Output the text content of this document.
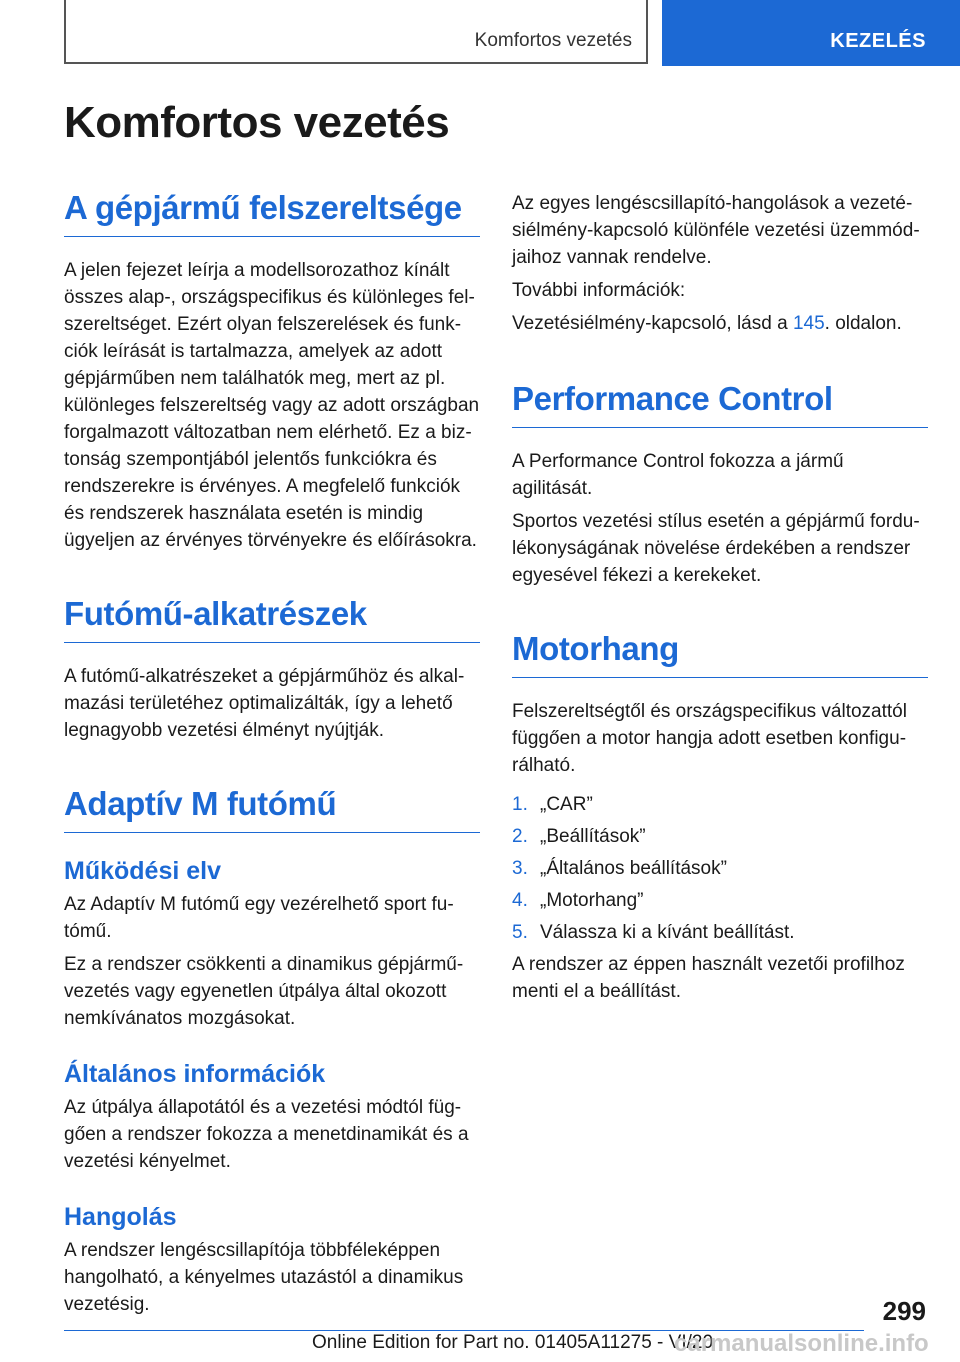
Komfortos vezetés	KEZELÉS
Komfortos vezetés
A gépjármű felszereltsége

A jelen fejezet leírja a modellsorozathoz kínált összes alap-, országspecifikus és különleges felszereltséget. Ezért olyan felszerelések és funkciók leírását is tartalmazza, amelyek az adott gépjárműben nem találhatók meg, mert az pl. különleges felszereltség vagy az adott országban forgalmazott változatban nem elérhető. Ez a biztonság szempontjából jelentős funkciókra és rendszerekre is érvényes. A megfelelő funkciók és rendszerek használata esetén is mindig ügyeljen az érvényes törvényekre és előírásokra.

Futómű-alkatrészek

A futómű-alkatrészeket a gépjárműhöz és alkalmazási területéhez optimalizálták, így a lehető legnagyobb vezetési élményt nyújtják.

Adaptív M futómű
Működési elv

Az Adaptív M futómű egy vezérelhető sport futómű.

Ez a rendszer csökkenti a dinamikus gépjárművezetés vagy egyenetlen útpálya által okozott nemkívánatos mozgásokat.

Általános információk

Az útpálya állapotától és a vezetési módtól függően a rendszer fokozza a menetdinamikát és a vezetési kényelmet.

Hangolás

A rendszer lengéscsillapítója többféleképpen hangolható, a kényelmes utazástól a dinamikus vezetésig.

Az egyes lengéscsillapító-hangolások a vezetésiélmény-kapcsoló különféle vezetési üzemmódjaihoz vannak rendelve.

További információk:

Vezetésiélmény-kapcsoló, lásd a 145. oldalon.

Performance Control

A Performance Control fokozza a jármű agilitását.

Sportos vezetési stílus esetén a gépjármű fordulékonyságának növelése érdekében a rendszer egyesével fékezi a kerekeket.

Motorhang

Felszereltségtől és országspecifikus változattól függően a motor hangja adott esetben konfigurálható.

1. „CAR”
2. „Beállítások”
3. „Általános beállítások”
4. „Motorhang”
5. Válassza ki a kívánt beállítást.

A rendszer az éppen használt vezetői profilhoz menti el a beállítást.

299
Online Edition for Part no. 01405A11275 - VI/20
carmanualsonline.info
